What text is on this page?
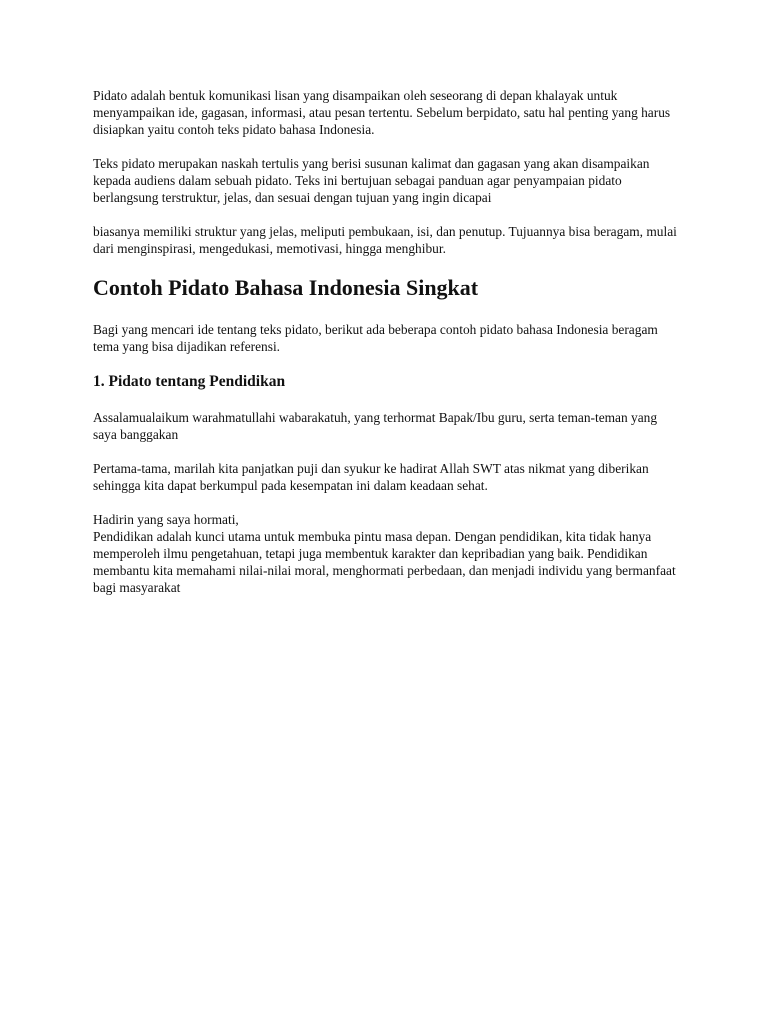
Pidato adalah bentuk komunikasi lisan yang disampaikan oleh seseorang di depan khalayak untuk menyampaikan ide, gagasan, informasi, atau pesan tertentu. Sebelum berpidato, satu hal penting yang harus disiapkan yaitu contoh teks pidato bahasa Indonesia.

Teks pidato merupakan naskah tertulis yang berisi susunan kalimat dan gagasan yang akan disampaikan kepada audiens dalam sebuah pidato. Teks ini bertujuan sebagai panduan agar penyampaian pidato berlangsung terstruktur, jelas, dan sesuai dengan tujuan yang ingin dicapai

biasanya memiliki struktur yang jelas, meliputi pembukaan, isi, dan penutup. Tujuannya bisa beragam, mulai dari menginspirasi, mengedukasi, memotivasi, hingga menghibur.

Contoh Pidato Bahasa Indonesia Singkat

Bagi yang mencari ide tentang teks pidato, berikut ada beberapa contoh pidato bahasa Indonesia beragam tema yang bisa dijadikan referensi.

1. Pidato tentang Pendidikan

Assalamualaikum warahmatullahi wabarakatuh, yang terhormat Bapak/Ibu guru, serta teman-teman yang saya banggakan

Pertama-tama, marilah kita panjatkan puji dan syukur ke hadirat Allah SWT atas nikmat yang diberikan sehingga kita dapat berkumpul pada kesempatan ini dalam keadaan sehat.

Hadirin yang saya hormati,

Pendidikan adalah kunci utama untuk membuka pintu masa depan. Dengan pendidikan, kita tidak hanya memperoleh ilmu pengetahuan, tetapi juga membentuk karakter dan kepribadian yang baik. Pendidikan membantu kita memahami nilai-nilai moral, menghormati perbedaan, dan menjadi individu yang bermanfaat bagi masyarakat
